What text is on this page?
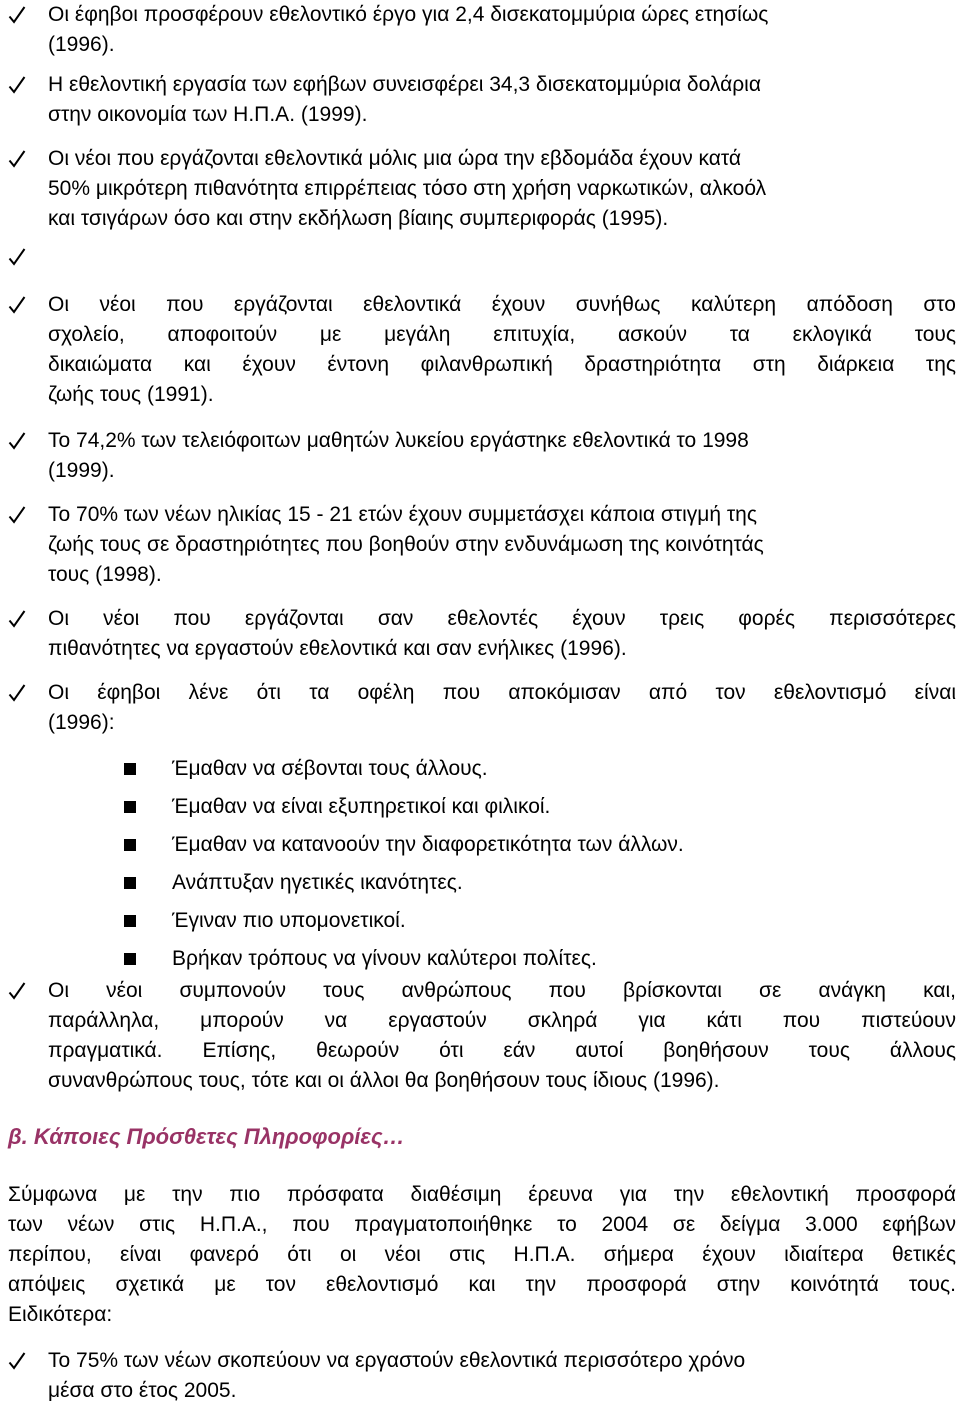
Οι έφηβοι προσφέρουν εθελοντικό έργο για 2,4 δισεκατομμύρια ώρες ετησίως
(1996).
Η εθελοντική εργασία των εφήβων συνεισφέρει 34,3 δισεκατομμύρια δολάρια
στην οικονομία των Η.Π.Α. (1999).
Οι νέοι που εργάζονται εθελοντικά μόλις μια ώρα την εβδομάδα έχουν κατά
50% μικρότερη πιθανότητα επιρρέπειας τόσο στη χρήση ναρκωτικών, αλκοόλ
και τσιγάρων όσο και στην εκδήλωση βίαιης συμπεριφοράς (1995).
Οι νέοι που εργάζονται εθελοντικά έχουν συνήθως καλύτερη απόδοση στο
σχολείο, αποφοιτούν με μεγάλη επιτυχία, ασκούν τα εκλογικά τους
δικαιώματα και έχουν έντονη φιλανθρωπική δραστηριότητα στη διάρκεια της
ζωής τους (1991).
Το 74,2% των τελειόφοιτων μαθητών λυκείου εργάστηκε εθελοντικά το 1998
(1999).
Το 70% των νέων ηλικίας 15 - 21 ετών έχουν συμμετάσχει κάποια στιγμή της
ζωής τους σε δραστηριότητες που βοηθούν στην ενδυνάμωση της κοινότητάς
τους (1998).
Οι νέοι που εργάζονται σαν εθελοντές έχουν τρεις φορές περισσότερες
πιθανότητες να εργαστούν εθελοντικά και σαν ενήλικες (1996).
Οι έφηβοι λένε ότι τα οφέλη που αποκόμισαν από τον εθελοντισμό είναι
(1996):
Έμαθαν να σέβονται τους άλλους.
Έμαθαν να είναι εξυπηρετικοί και φιλικοί.
Έμαθαν να κατανοούν την διαφορετικότητα των άλλων.
Ανάπτυξαν ηγετικές ικανότητες.
Έγιναν πιο υπομονετικοί.
Βρήκαν τρόπους να γίνουν καλύτεροι πολίτες.
Οι νέοι συμπονούν τους ανθρώπους που βρίσκονται σε ανάγκη και,
παράλληλα, μπορούν να εργαστούν σκληρά για κάτι που πιστεύουν
πραγματικά. Επίσης, θεωρούν ότι εάν αυτοί βοηθήσουν τους άλλους
συνανθρώπους τους, τότε και οι άλλοι θα βοηθήσουν τους ίδιους (1996).
β. Κάποιες Πρόσθετες Πληροφορίες…
Σύμφωνα με την πιο πρόσφατα διαθέσιμη έρευνα για την εθελοντική προσφορά
των νέων στις Η.Π.Α., που πραγματοποιήθηκε το 2004 σε δείγμα 3.000 εφήβων
περίπου, είναι φανερό ότι οι νέοι στις Η.Π.Α. σήμερα έχουν ιδιαίτερα θετικές
απόψεις σχετικά με τον εθελοντισμό και την προσφορά στην κοινότητά τους.
Ειδικότερα:
Το 75% των νέων σκοπεύουν να εργαστούν εθελοντικά περισσότερο χρόνο
μέσα στο έτος 2005.
